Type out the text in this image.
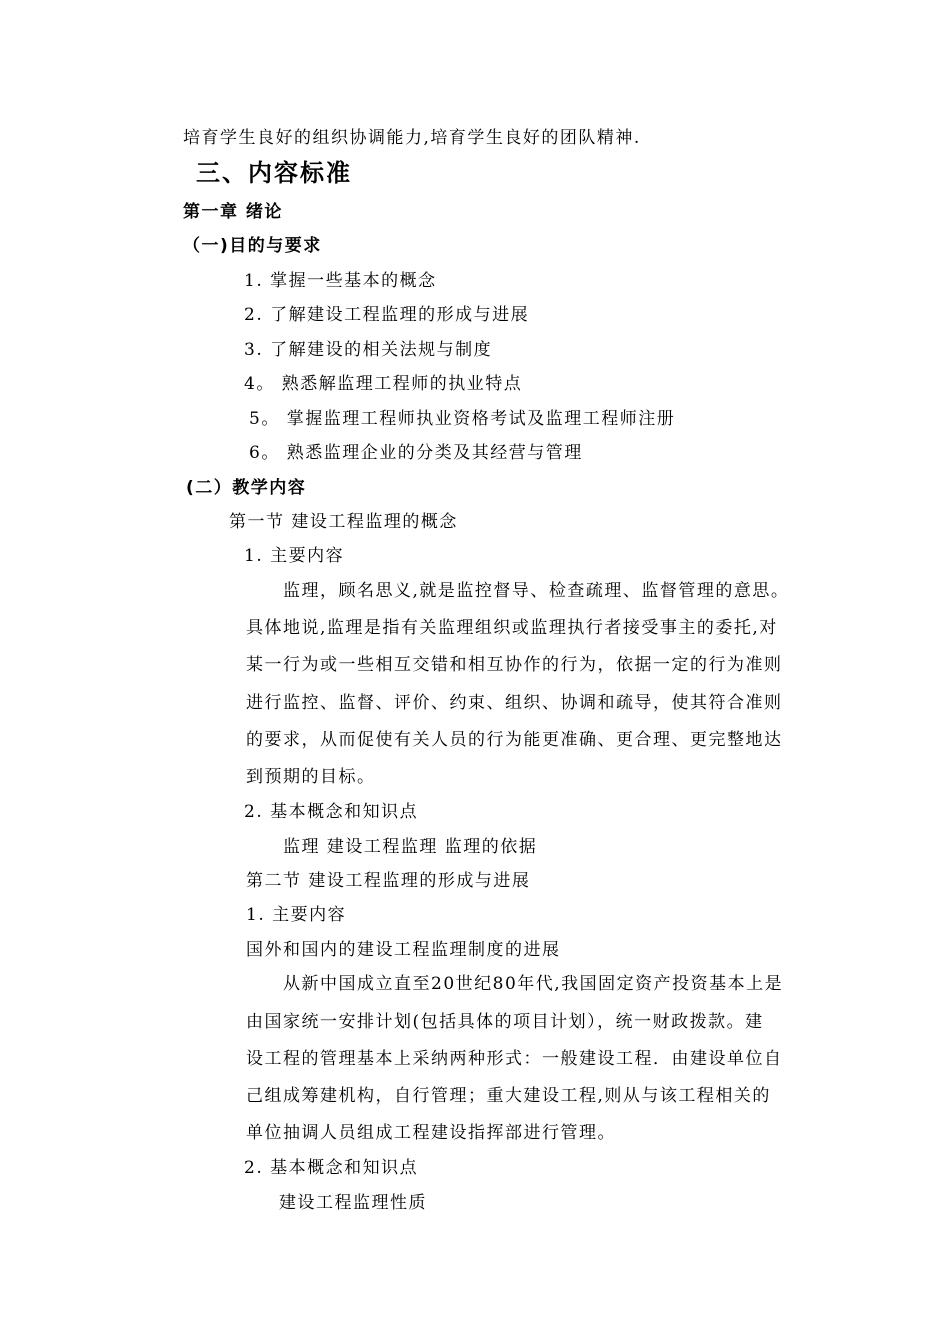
培育学生良好的组织协调能力,培育学生良好的团队精神.

三、内容标准

第一章 绪论

（一)目的与要求

1. 掌握一些基本的概念

2. 了解建设工程监理的形成与进展

3. 了解建设的相关法规与制度

4。 熟悉解监理工程师的执业特点

5。 掌握监理工程师执业资格考试及监理工程师注册

6。 熟悉监理企业的分类及其经营与管理

(二）教学内容

第一节 建设工程监理的概念

1. 主要内容

监理，顾名思义,就是监控督导、检查疏理、监督管理的意思。

具体地说,监理是指有关监理组织或监理执行者接受事主的委托,对

某一行为或一些相互交错和相互协作的行为，依据一定的行为准则

进行监控、监督、评价、约束、组织、协调和疏导，使其符合准则

的要求，从而促使有关人员的行为能更准确、更合理、更完整地达

到预期的目标。

2. 基本概念和知识点

监理 建设工程监理 监理的依据

第二节 建设工程监理的形成与进展

1. 主要内容

国外和国内的建设工程监理制度的进展

从新中国成立直至20世纪80年代,我国固定资产投资基本上是

由国家统一安排计划(包括具体的项目计划），统一财政拨款。建

设工程的管理基本上采纳两种形式：一般建设工程．由建设单位自

己组成筹建机构，自行管理；重大建设工程,则从与该工程相关的

单位抽调人员组成工程建设指挥部进行管理。

2. 基本概念和知识点

建设工程监理性质
